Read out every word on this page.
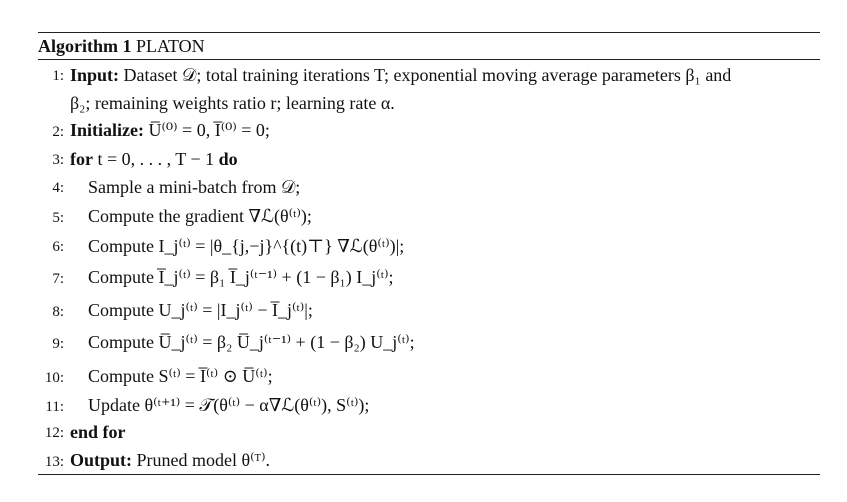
Algorithm 1 PLATON
1: Input: Dataset 𝒟; total training iterations T; exponential moving average parameters β₁ and
β₂; remaining weights ratio r; learning rate α.
2: Initialize: U̅⁽⁰⁾ = 0, I̅⁽⁰⁾ = 0;
3: for t = 0, . . . , T − 1 do
4: Sample a mini-batch from 𝒟;
5: Compute the gradient ∇ℒ(θ⁽ᵗ⁾);
6: Compute I_j⁽ᵗ⁾ = |θ_{j,−j}^{(t)⊤} ∇ℒ(θ⁽ᵗ⁾)|;
7: Compute I̅_j⁽ᵗ⁾ = β₁ I̅_j⁽ᵗ⁻¹⁾ + (1 − β₁) I_j⁽ᵗ⁾;
8: Compute U_j⁽ᵗ⁾ = |I_j⁽ᵗ⁾ − I̅_j⁽ᵗ⁾|;
9: Compute U̅_j⁽ᵗ⁾ = β₂ U̅_j⁽ᵗ⁻¹⁾ + (1 − β₂) U_j⁽ᵗ⁾;
10: Compute S⁽ᵗ⁾ = I̅⁽ᵗ⁾ ⊙ U̅⁽ᵗ⁾;
11: Update θ⁽ᵗ⁺¹⁾ = 𝒯(θ⁽ᵗ⁾ − α∇ℒ(θ⁽ᵗ⁾), S⁽ᵗ⁾);
12: end for
13: Output: Pruned model θ⁽ᵀ⁾.
